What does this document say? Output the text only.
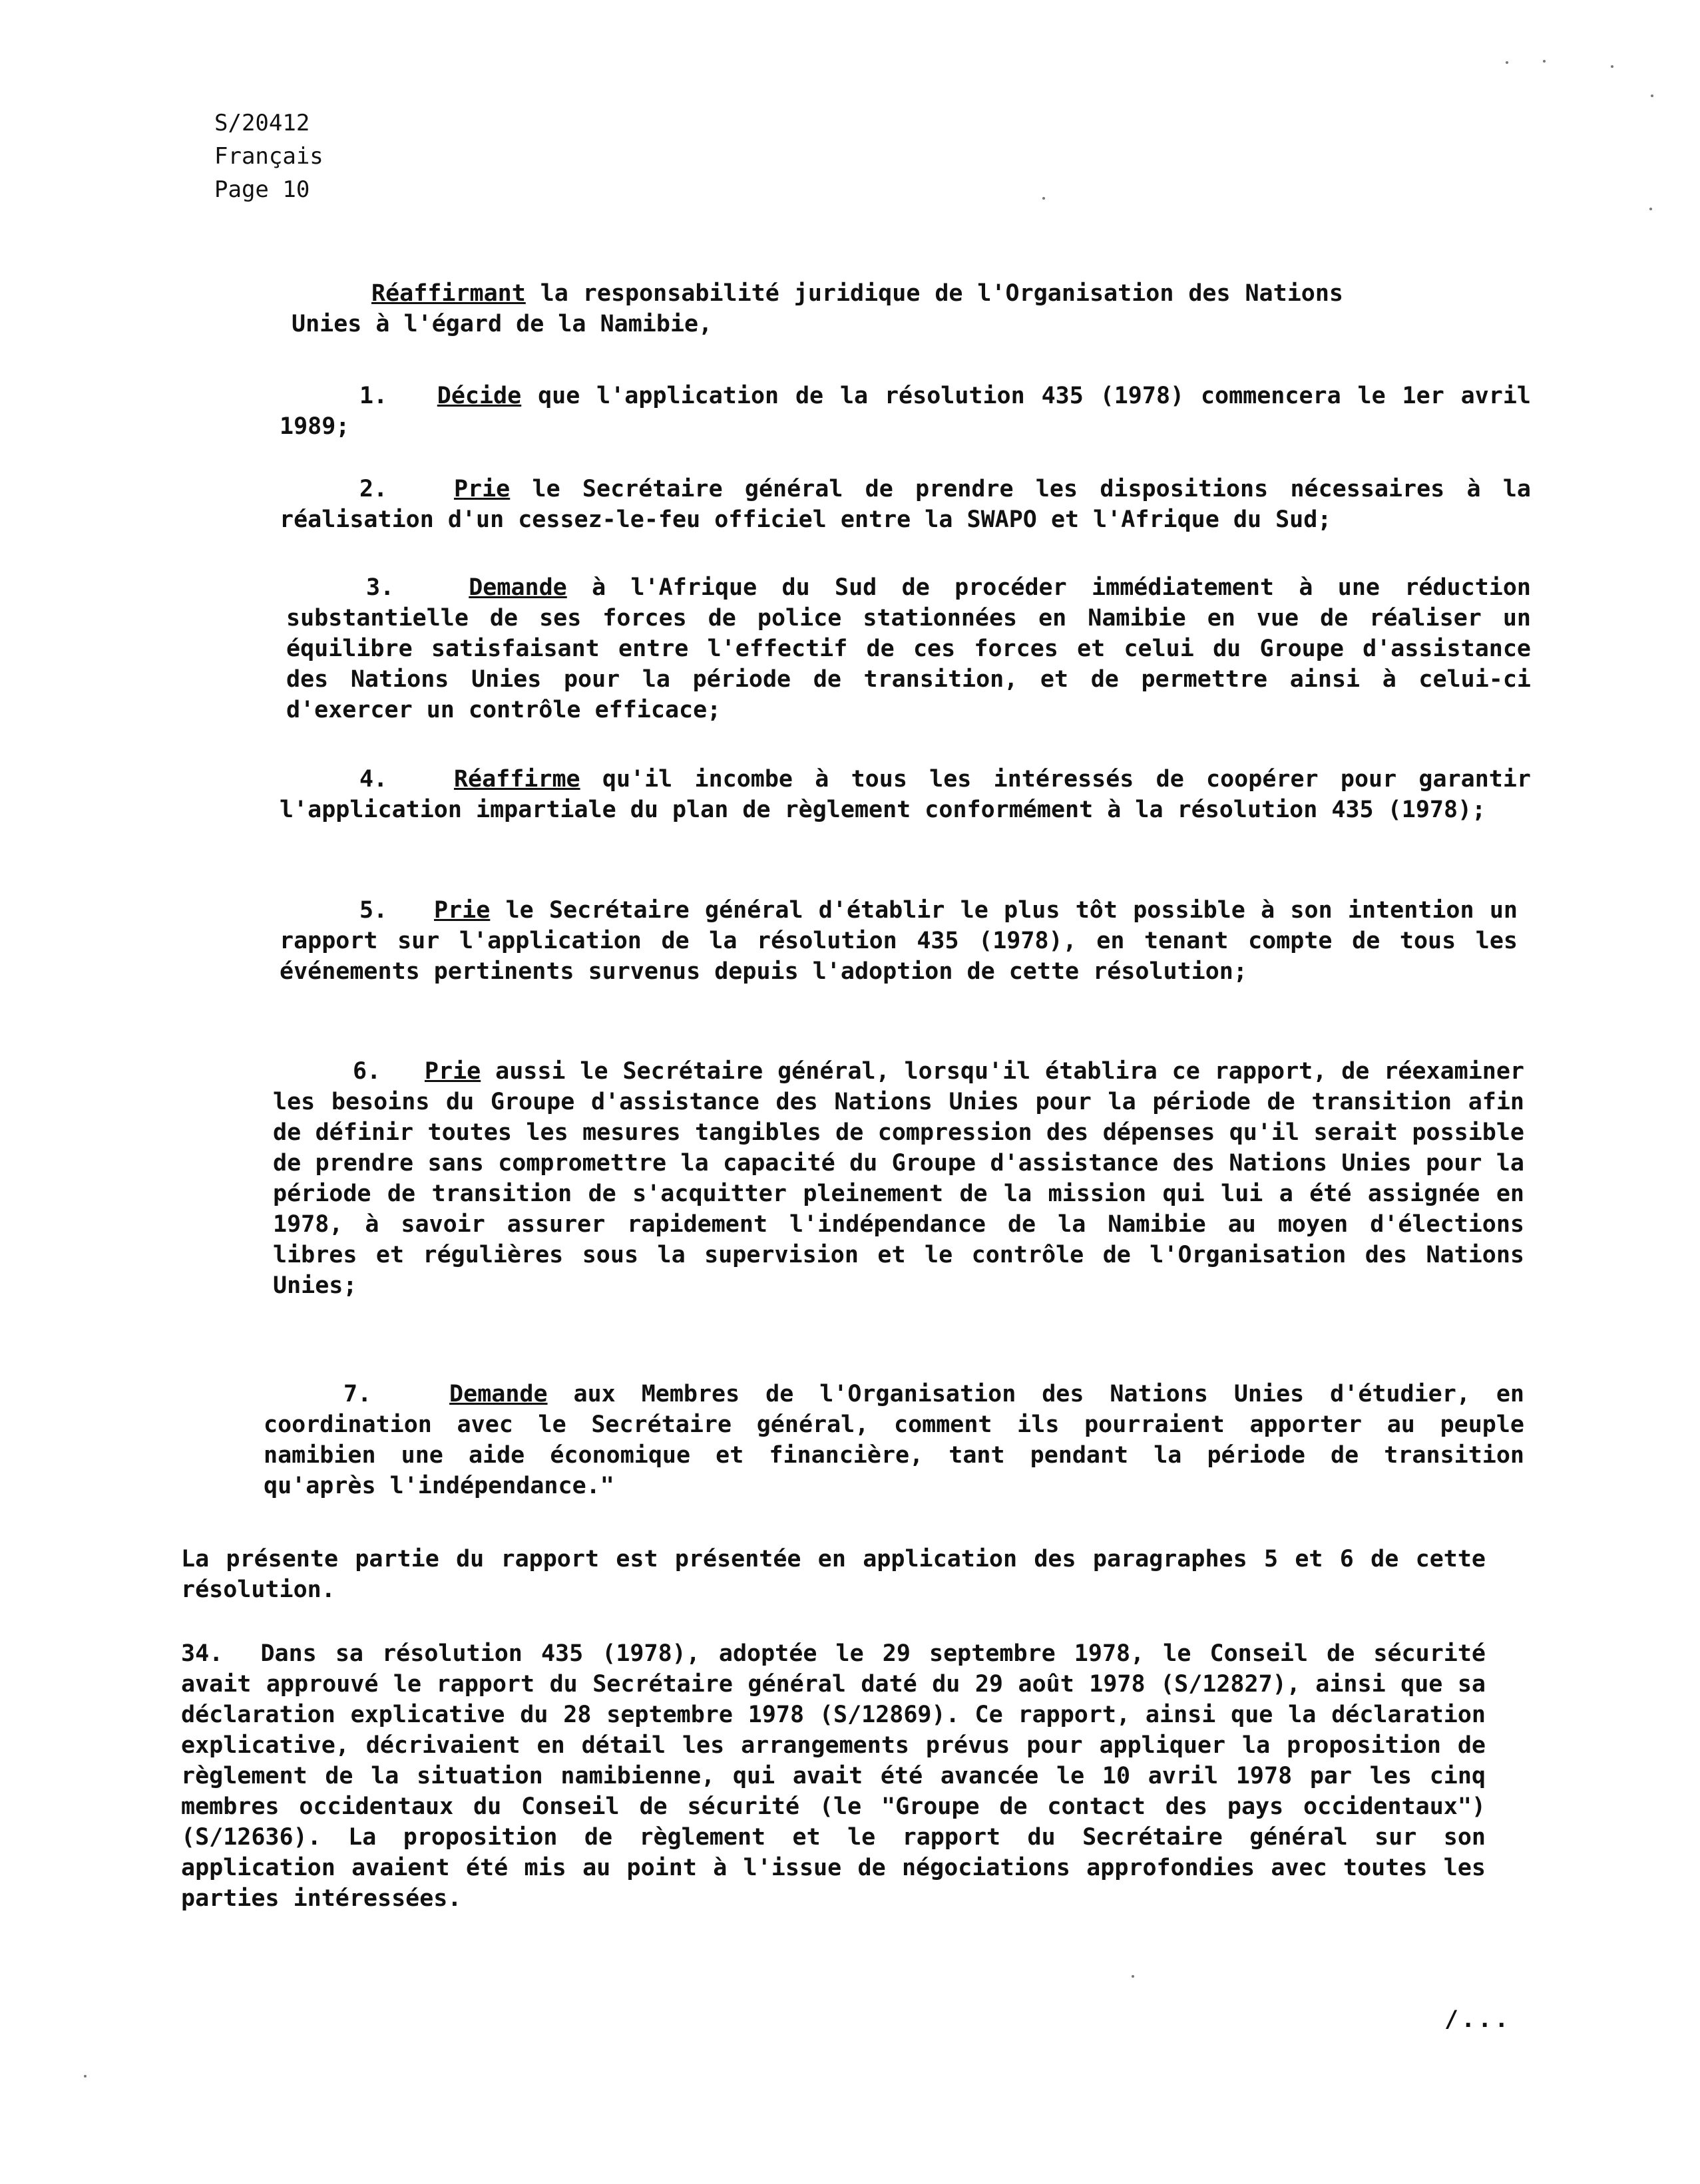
S/20412
Français
Page 10
Réaffirmant la responsabilité juridique de l'Organisation des Nations Unies à l'égard de la Namibie,
1. Décide que l'application de la résolution 435 (1978) commencera le 1er avril 1989;
2.	Prie le Secrétaire général de prendre les dispositions nécessaires à la réalisation d'un cessez-le-feu officiel entre la SWAPO et l'Afrique du Sud;
3.	Demande à l'Afrique du Sud de procéder immédiatement à une réduction substantielle de ses forces de police stationnées en Namibie en vue de réaliser un équilibre satisfaisant entre l'effectif de ces forces et celui du Groupe d'assistance des Nations Unies pour la période de transition, et de permettre ainsi à celui-ci d'exercer un contrôle efficace;
4.	Réaffirme qu'il incombe à tous les intéressés de coopérer pour garantir l'application impartiale du plan de règlement conformément à la résolution 435 (1978);
5. Prie le Secrétaire général d'établir le plus tôt possible à son intention un rapport sur l'application de la résolution 435 (1978), en tenant compte de tous les événements pertinents survenus depuis l'adoption de cette résolution;
6. Prie aussi le Secrétaire général, lorsqu'il établira ce rapport, de réexaminer les besoins du Groupe d'assistance des Nations Unies pour la période de transition afin de définir toutes les mesures tangibles de compression des dépenses qu'il serait possible de prendre sans compromettre la capacité du Groupe d'assistance des Nations Unies pour la période de transition de s'acquitter pleinement de la mission qui lui a été assignée en 1978, à savoir assurer rapidement l'indépendance de la Namibie au moyen d'élections libres et régulières sous la supervision et le contrôle de l'Organisation des Nations Unies;
7.	Demande aux Membres de l'Organisation des Nations Unies d'étudier, en coordination avec le Secrétaire général, comment ils pourraient apporter au peuple namibien une aide économique et financière, tant pendant la période de transition qu'après l'indépendance."
La présente partie du rapport est présentée en application des paragraphes 5 et 6 de cette résolution.
34. Dans sa résolution 435 (1978), adoptée le 29 septembre 1978, le Conseil de sécurité avait approuvé le rapport du Secrétaire général daté du 29 août 1978 (S/12827), ainsi que sa déclaration explicative du 28 septembre 1978 (S/12869). Ce rapport, ainsi que la déclaration explicative, décrivaient en détail les arrangements prévus pour appliquer la proposition de règlement de la situation namibienne, qui avait été avancée le 10 avril 1978 par les cinq membres occidentaux du Conseil de sécurité (le "Groupe de contact des pays occidentaux") (S/12636). La proposition de règlement et le rapport du Secrétaire général sur son application avaient été mis au point à l'issue de négociations approfondies avec toutes les parties intéressées.
/...
